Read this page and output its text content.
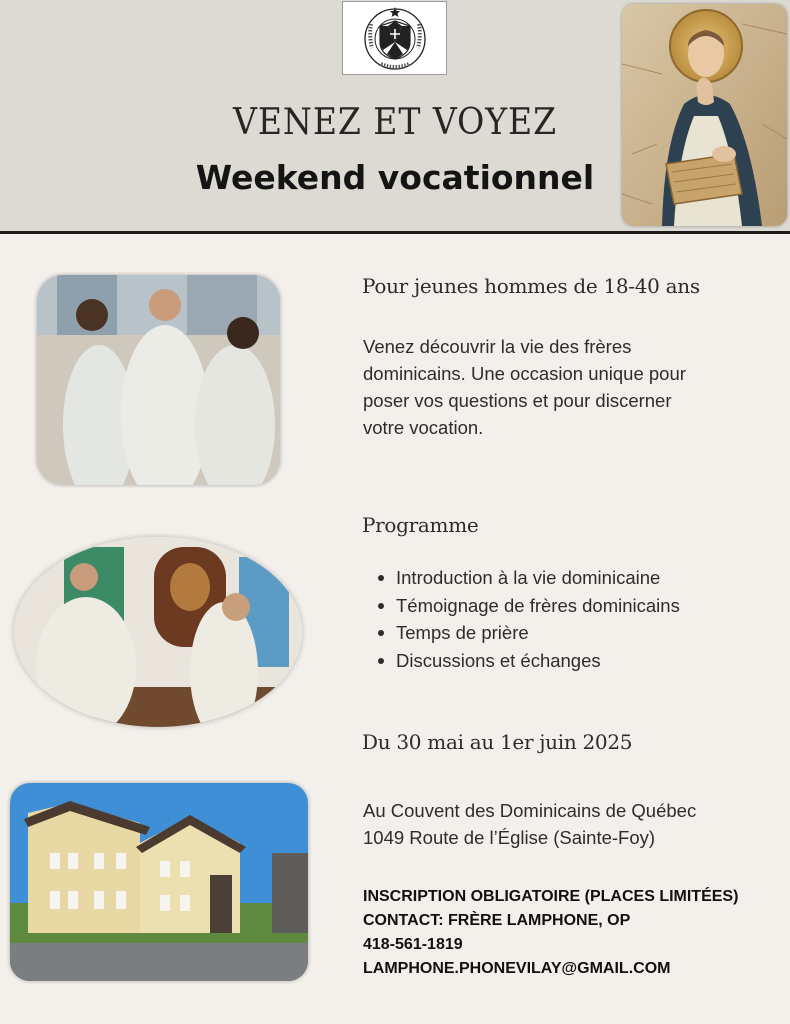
VENEZ ET VOYEZ
Weekend vocationnel
Pour jeunes hommes de 18-40 ans
Venez découvrir la vie des frères
dominicains. Une occasion unique pour
poser vos questions et pour discerner
votre vocation.
Programme
Introduction à la vie dominicaine
Témoignage de frères dominicains
Temps de prière
Discussions et échanges
Du 30 mai au 1er juin 2025
Au Couvent des Dominicains de Québec
1049 Route de l’Église (Sainte-Foy)
INSCRIPTION OBLIGATOIRE (PLACES LIMITÉES)
CONTACT: FRÈRE LAMPHONE, OP
418-561-1819
LAMPHONE.PHONEVILAY@GMAIL.COM
